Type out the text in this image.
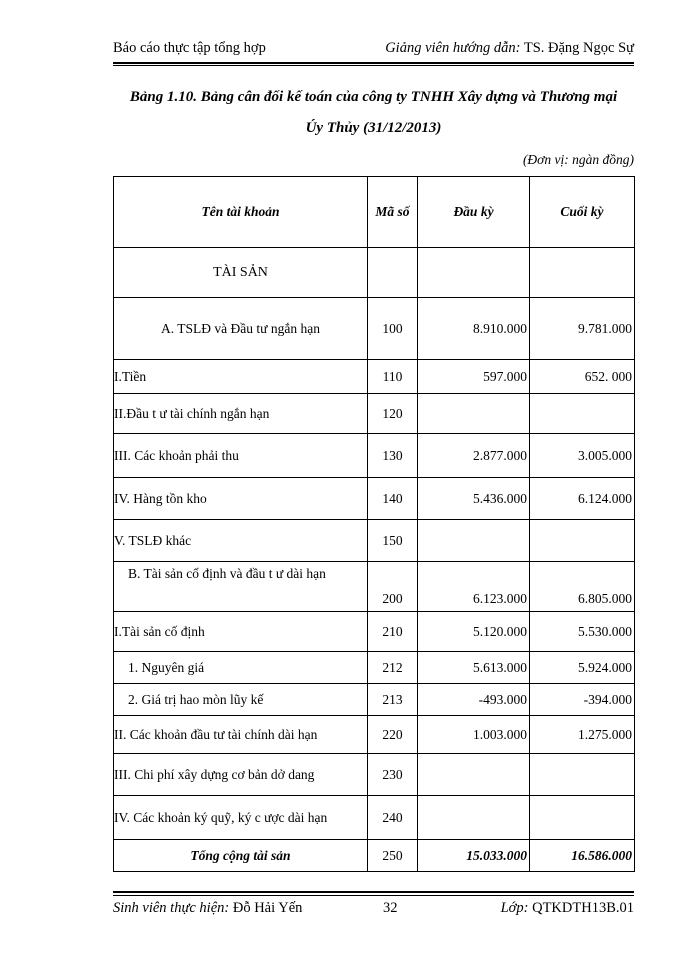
Báo cáo thực tập tổng hợp	Giảng viên hướng dẫn: TS. Đặng Ngọc Sự
Bảng 1.10. Bảng cân đối kế toán của công ty TNHH Xây dựng và Thương mại
Úy Thủy (31/12/2013)
(Đơn vị: ngàn đồng)
Tên tài khoản	Mã số	Đầu kỳ	Cuối kỳ
TÀI SẢN			
A. TSLĐ và Đầu tư ngắn hạn	100	8.910.000	9.781.000
I.Tiền	110	597.000	652. 000
II.Đầu t ư tài chính ngắn hạn	120		
III. Các khoản phải thu	130	2.877.000	3.005.000
IV. Hàng tồn kho	140	5.436.000	6.124.000
V. TSLĐ khác	150		
B. Tài sản cố định và đầu t ư dài hạn	200	6.123.000	6.805.000
I.Tài sản cố định	210	5.120.000	5.530.000
1. Nguyên giá	212	5.613.000	5.924.000
2. Giá trị hao mòn lũy kế	213	-493.000	-394.000
II. Các khoản đầu tư tài chính dài hạn	220	1.003.000	1.275.000
III. Chi phí xây dựng cơ bản dở dang	230		
IV. Các khoản ký quỹ, ký c ược dài hạn	240		
Tổng cộng tài sản	250	15.033.000	16.586.000
Sinh viên thực hiện: Đỗ Hải Yến	32	Lớp: QTKDTH13B.01
